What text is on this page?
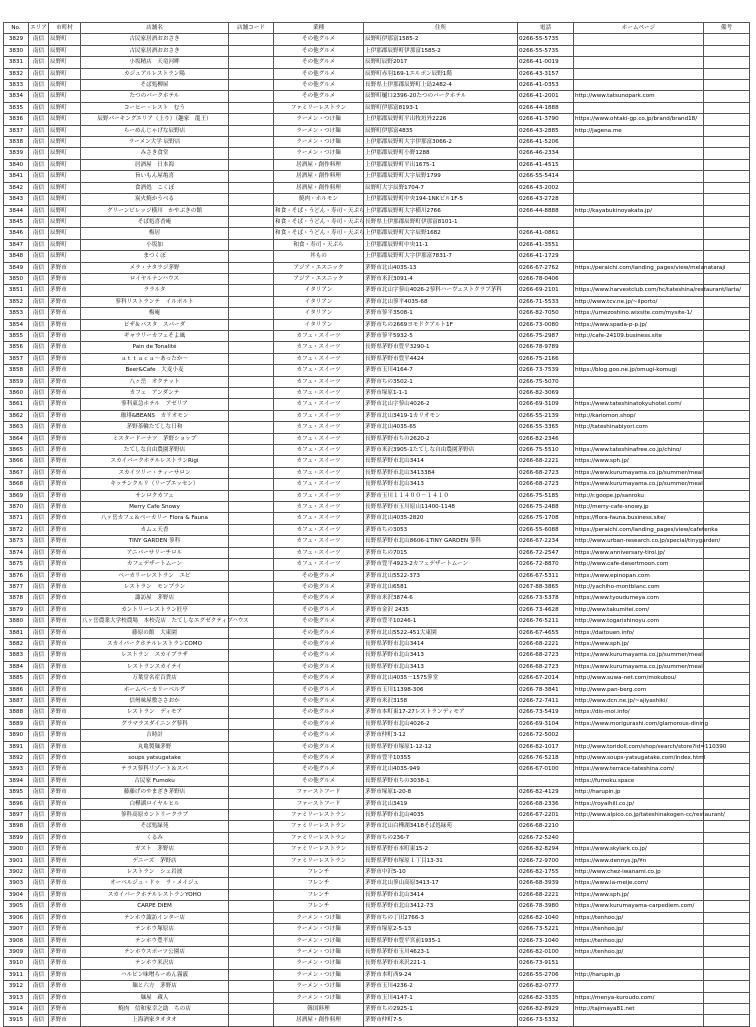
No.	エリア	市町村	店舗名	店舗コード	業種	住所	電話	ホームページ	備考
3829	南信	辰野町	古民家居酒おおさき		その他グルメ	辰野町伊那富1585-2	0266-55-5735		
3830	南信	辰野町	古民家居酒おおさき		その他グルメ	上伊那郡辰野町伊那富1585-2	0266-55-5735		
3831	南信	辰野町	小坂精店　天竜河畔		その他グルメ	辰野町辰野2017	0266-41-0019		
3832	南信	辰野町	カジュアルレストラン陽		その他グルメ	辰野町赤羽169-1エルポン辰野1階	0266-43-3157		
3833	南信	辰野町	そば処柳屋		その他グルメ	長野県上伊那郡辰野町上島2482-4	0266-41-0353		
3834	南信	辰野町	たつのパークホテル		その他グルメ	辰野町樋口2396-20たつのパークホテル	0266-41-2001	http://www.tatsunopark.com	
3835	南信	辰野町	コーヒー・レスト　むう		ファミリーレストラン	辰野町伊那富8193-1	0266-44-1888		
3836	南信	辰野町	辰野パーキングエリア（上り）（趣家　龍王）		ラーメン・つけ麺	上伊那郡辰野町平出牧垣外2226	0266-41-3790	https://www.ohtaki-gp.co.jp/brand/brand18/	
3837	南信	辰野町	らーめんじゃげな辰野店		ラーメン・つけ麺	辰野町伊那富4835	0266-43-2885	http://jagena.me	
3838	南信	辰野町	ラーメン大学 辰野店		ラーメン・つけ麺	上伊那郡辰野町大字伊那富3066-2	0266-41-5206		
3839	南信	辰野町	みさき食堂		ラーメン・つけ麺	上伊那郡辰野町小野1288	0266-46-2334		
3840	南信	辰野町	居酒屋　日本海		居酒屋・創作料理	上伊那郡辰野町平出1675-1	0266-41-4515		
3841	南信	辰野町	旨いもん屋亀喜		居酒屋・創作料理	上伊那郡辰野町大字辰野1799	0266-55-5414		
3842	南信	辰野町	食酒処　こくぼ		居酒屋・創作料理	辰野町大字辰野1704-7	0266-43-2002		
3843	南信	辰野町	炭火焼かうべる		焼肉・ホルモン	上伊那郡辰野町中央194-1NKビル1F-5	0266-43-2728		
3844	南信	辰野町	グリーンビレッジ横川　かやぶきの館		和食・そば・うどん・寿司・天ぷら	上伊那郡辰野町大字横川2766	0266-44-8888	http://kayabukinoyakata.jp/	
3845	南信	辰野町	そば処喜香庵		和食・そば・うどん・寿司・天ぷら	長野県上伊那郡辰野町伊那富8101-1			
3846	南信	辰野町	梅居		和食・そば・うどん・寿司・天ぷら	上伊那郡辰野町大字辰野1682	0266-41-0861		
3847	南信	辰野町	小坂加		和食・寿司・天ぷら	上伊那郡辰野町中央11-1	0266-41-3551		
3848	南信	辰野町	まつくぼ		丼もの	上伊那郡辰野町大字伊那富7831-7	0266-41-1729		
3849	南信	茅野市	メラ・ナタラジ茅野		アジア・エスニック	茅野市北山4035-13	0266-67-2762	https://peraichi.com/landing_pages/view/melanataraji	
3850	南信	茅野市	ロイヤルナンハウス		アジア・エスニック	茅野市米沢3091-4	0266-78-0406		
3851	南信	茅野市	ララルタ		イタリアン	茅野市北山字蓼山4026-2蓼科ハーヴェストクラブ茅科	0266-69-2101	https://www.harvestclub.com/hc/tateshina/restaurant/larta/	
3852	南信	茅野市	蓼科リストランテ　イルポルト		イタリアン	茅野市北山蓼平4035-68	0266-71-5533	http://www.tcv.ne.jp/~ilporto/	
3853	南信	茅野市	梅庵		イタリアン	茅野市蓼平3508-1	0266-82-7050	https://umezoshino.wixsite.com/mysite-1/	
3854	南信	茅野市	ピザ＆パスタ　スパーダ		イタリアン	茅野市ちの2669ヨモドクアルト1F	0266-73-0080	https://www.spada-p-p.jp/	
3855	南信	茅野市	ギャラリーカフェそよ風		カフェ・スイーツ	茅野市蓼平5932-5	0266-75-2987	http://cafe-24109.business.site	
3856	南信	茅野市	Pain de Tonalité		カフェ・スイーツ	長野県茅野市豊平3290-1	0266-78-9789		
3857	南信	茅野市	ａｔｔａｃａ〜あったか〜		カフェ・スイーツ	長野県茅野市豊平4424	0266-75-2166		
3858	南信	茅野市	Beer&Cafe　大麦小麦		カフェ・スイーツ	茅野市玉川4164-7	0266-73-7539	https://blog.goo.ne.jp/omugi-komugi	
3859	南信	茅野市	八ヶ岳　オクテット		カフェ・スイーツ	茅野市ちの3502-1	0266-75-5070		
3860	南信	茅野市	カフェ　アンダンテ		カフェ・スイーツ	茅野市塚原1-1-1	0266-82-3069		
3861	南信	茅野市	蓼科東急ホテル　アゼリア		カフェ・スイーツ	茅野市北山字蓼山4026-2	0266-69-3109	https://www.tateshinatokyuhotel.com/	
3862	南信	茅野市	珈琲&BEANS　カリオモン		カフェ・スイーツ	茅野市北山3419-1カリオモン	0266-55-2139	http://kariomon.shop/	
3863	南信	茅野市	茅野茶輪たてしな日和		カフェ・スイーツ	茅野市北山4035-65	0266-55-3365	http://tateshinabiyori.com	
3864	南信	茅野市	ミスタードーナツ　茅野ショップ		カフェ・スイーツ	長野県茅野市ちの2620-2	0266-82-2346		
3865	南信	茅野市	たてしな自由農園茅野店		カフェ・スイーツ	茅野市米沢3905-1たてしな自由農園茅野店	0266-75-5510	https://www.tateshinafree.co.jp/chino/	
3866	南信	茅野市	スカイパークホテルレストランRigi		カフェ・スイーツ	長野県茅野市北山3414	0266-68-2221	https://www.sph.jp/	
3867	南信	茅野市	スカイツリー・ティーサロン		カフェ・スイーツ	長野県茅野市北山3413384	0266-68-2723	https://www.kurumayama.co.jp/summer/meal	
3868	南信	茅野市	キッチンクルリ（リープエッセン）		カフェ・スイーツ	長野県茅野市北山3413	0266-68-2723	https://www.kurumayama.co.jp/summer/meal	
3869	南信	茅野市	サンロクカフェ		カフェ・スイーツ	茅野市玉川１１４００－１４１０	0266-75-5185	http://r.goope.jp/sanroku	
3870	南信	茅野市	Merry Cafe Snowy		カフェ・スイーツ	長野県茅野市玉川原山11400-1148	0266-75-2488	http://merry-cafe-snowy.jp	
3871	南信	茅野市	八ヶ岳カフェ＆ベーカリー Flora & Fauna		カフェ・スイーツ	茅野市北山4035-2820	0266-75-1708	https://flora-fauna.business.site/	
3872	南信	茅野市	カムェ天香		カフェ・スイーツ	茅野市ちの3053	0266-55-6088	https://peraichi.com/landing_pages/view/cafetenka	
3873	南信	茅野市	TINY GARDEN 蓼科		カフェ・スイーツ	長野県茅野市北山8606-1TINY GARDEN 蓼科	0266-67-2234	http://www.urban-research.co.jp/special/tinygarden/	
3874	南信	茅野市	アニバーサリーチロル		カフェ・スイーツ	茅野市ちの7015	0266-72-2547	https://www.anniversary-tirol.jp/	
3875	南信	茅野市	カフェデザートムーン		カフェ・スイーツ	茅野市豊平4923-2カフェデザートムーン	0266-72-8870	http://www.cafe-desertmoon.com	
3876	南信	茅野市	ベーカリーレストラン　エピ		その他グルメ	茅野市北山5522-373	0266-67-5311	https://www.epinopan.com	
3877	南信	茅野市	レストラン　モンブラン		その他グルメ	茅野市北山6581	0267-88-3865	http://yachiho-montblanc.com	
3878	南信	茅野市	諏訪屋　茅野店		その他グルメ	茅野市米沢3874-6	0266-73-5378	https://www.tyoudumeya.com	
3879	南信	茅野市	カントリーレストラン匠亭		その他グルメ	茅野市金沢 2435	0266-73-4628	http://www.takumitei.com/	
3880	南信	茅野市	八ヶ岳農業大学校農場　本校売店　たてしなエグゼクティブハウス		その他グルメ	茅野市豊平10246-1	0266-76-5211	http://www.togarishinoyu.com	
3881	南信	茅野市	藤原の館　大東園		その他グルメ	茅野市北山5522-451大東園	0266-67-4655	https://daitouen.info/	
3882	南信	茅野市	スカイパークホテルレストランCOMO		その他グルメ	長野県茅野市北山3414	0266-68-2221	https://www.sph.jp/	
3883	南信	茅野市	レストラン　スカイプラザ		その他グルメ	長野県茅野市北山3413	0266-68-2723	https://www.kurumayama.co.jp/summer/meal	
3884	南信	茅野市	レストランスカイテイ		その他グルメ	長野県茅野市北山3413	0266-68-2723	https://www.kurumayama.co.jp/summer/meal	
3885	南信	茅野市	万葉堂名産百貨店		その他グルメ	茅野市北山4035－1575蓼堂	0266-67-2014	http://www.suwa-net.com/mokubou/	
3886	南信	茅野市	ホームベーカリーベルグ		その他グルメ	茅野市玉川11398-306	0266-78-3841	http://www.pan-berg.com	
3887	南信	茅野市	信州味屋敷ささおか		その他グルメ	茅野市米沢3158	0266-72-7411	http://www.dcn.ne.jp/~ajiyashiki/	
3888	南信	茅野市	レストラン　ディモア		その他グルメ	茅野市本町東17-27レストランディモア	0266-73-5419	https://dis-moi.info/	
3889	南信	茅野市	グラマラスダイニング蓼科		その他グルメ	長野県茅野市北山4026-2	0266-69-3104	https://www.morigurashi.com/glamorous-dining	
3890	南信	茅野市	吉時計		その他グルメ	茅野市仲町3-12	0266-72-5002		
3891	南信	茅野市	丸亀製麺茅野		その他グルメ	長野県茅野市塚原1-12-12	0266-82-1017	http://www.toridoll.com/shop/search/store?id=110390	
3892	南信	茅野市	soups yatsugatake		その他グルメ	茅野市豊平10355	0266-76-5218	http://www.soups-yatsugatake.com/index.html	
3893	南信	茅野市	テラス蓼科リゾート＆スパ		その他グルメ	茅野市北山4035-949	0266-67-0100	https://www.terrace-tateshina.com/	
3894	南信	茅野市	古民家 Fumoku		その他グルメ	長野県茅野市ちの3038-1		https://fumoku.space	
3895	南信	茅野市	藤藤げのやまざき茅野店		ファーストフード	茅野市塚原1-20-8	0266-82-4129	http://harupin.jp	
3896	南信	茅野市	白樺湖ロイヤルヒル		ファーストフード	茅野市北山3419	0266-68-2336	https://royalhill.co.jp/	
3897	南信	茅野市	蓼科高原カントリークラブ		ファミリーレストラン	長野県茅野市北山4035	0266-67-2201	http://www.alpico.co.jp/tateshinakogen-cc/restaurant/	
3898	南信	茅野市	そば処緑苑		ファミリーレストラン	茅野市北山白樺湖3418そば処緑苑	0266-68-2210		
3899	南信	茅野市	くるみ		ファミリーレストラン	茅野市ちの236-7	0266-72-5240		
3900	南信	茅野市	ガスト　茅野店		ファミリーレストラン	長野県茅野市本町東15-2	0266-82-8294	https://www.skylark.co.jp/	
3901	南信	茅野市	デニーズ　茅野店		ファミリーレストラン	長野県茅野市塚原１丁目13-31	0266-72-9700	https://www.dennys.jp/¥n	
3902	南信	茅野市	レストラン　シェ岩波		フレンチ	茅野市中沢5-10	0266-82-1755	http://www.chez-iwanami.co.jp	
3903	南信	茅野市	オーベルジュ・ドゥ　ラ・メイジュ		フレンチ	茅野市北山蓼山高原3413-17	0266-68-3939	https://www.la-meije.com/	
3904	南信	茅野市	スカイパークホテルレストランYOHO		フレンチ	長野県茅野市北山3414	0266-68-2221	https://www.sph.jp/	
3905	南信	茅野市	CARPE DIEM		フレンチ	長野県茅野市北山3412-73	0266-78-3980	https://www.kurumayama-carpediem.com/	
3906	南信	茅野市	テンホウ諏訪インター店		ラーメン・つけ麺	茅野市ちの丁田2766-3	0266-82-1040	https://tenhoo.jp/	
3907	南信	茅野市	テンホウ塚原店		ラーメン・つけ麺	茅野市塚原2-5-13	0266-73-5221	https://tenhoo.jp/	
3908	南信	茅野市	テンホウ豊平店		ラーメン・つけ麺	長野県茅野市豊平宮前1935-1	0266-73-1040	https://tenhoo.jp/	
3909	南信	茅野市	テンホウスポーツ公園店		ラーメン・つけ麺	長野県茅野市玉川4623-1	0266-82-0100	https://tenhoo.jp/	
3910	南信	茅野市	テンホウ米沢店		ラーメン・つけ麺	長野県茅野市米沢221-1	0266-73-9151		
3911	南信	茅野市	ハルピン味噌らーめん霧霰		ラーメン・つけ麺	茅野市本町西9-24	0266-55-2706	http://harupin.jp	
3912	南信	茅野市	麺と六方　茅野店		ラーメン・つけ麺	茅野市玉川4236-2	0266-82-0777		
3913	南信	茅野市	麺屋　蔵人		ラーメン・つけ麺	茅野市玉川4147-1	0266-82-3335	https://menya-kuroudo.com/	
3914	南信	茅野市	焼肉　信和家幸之助　ちの店		韓国料理	茅野市ちの2925-1	0266-82-8929	http://tajimaya81.net	
3915	南信	茅野市	上海酒家タオタオ		居酒屋・創作料理	茅野市仲町7-5	0266-73-5332		
